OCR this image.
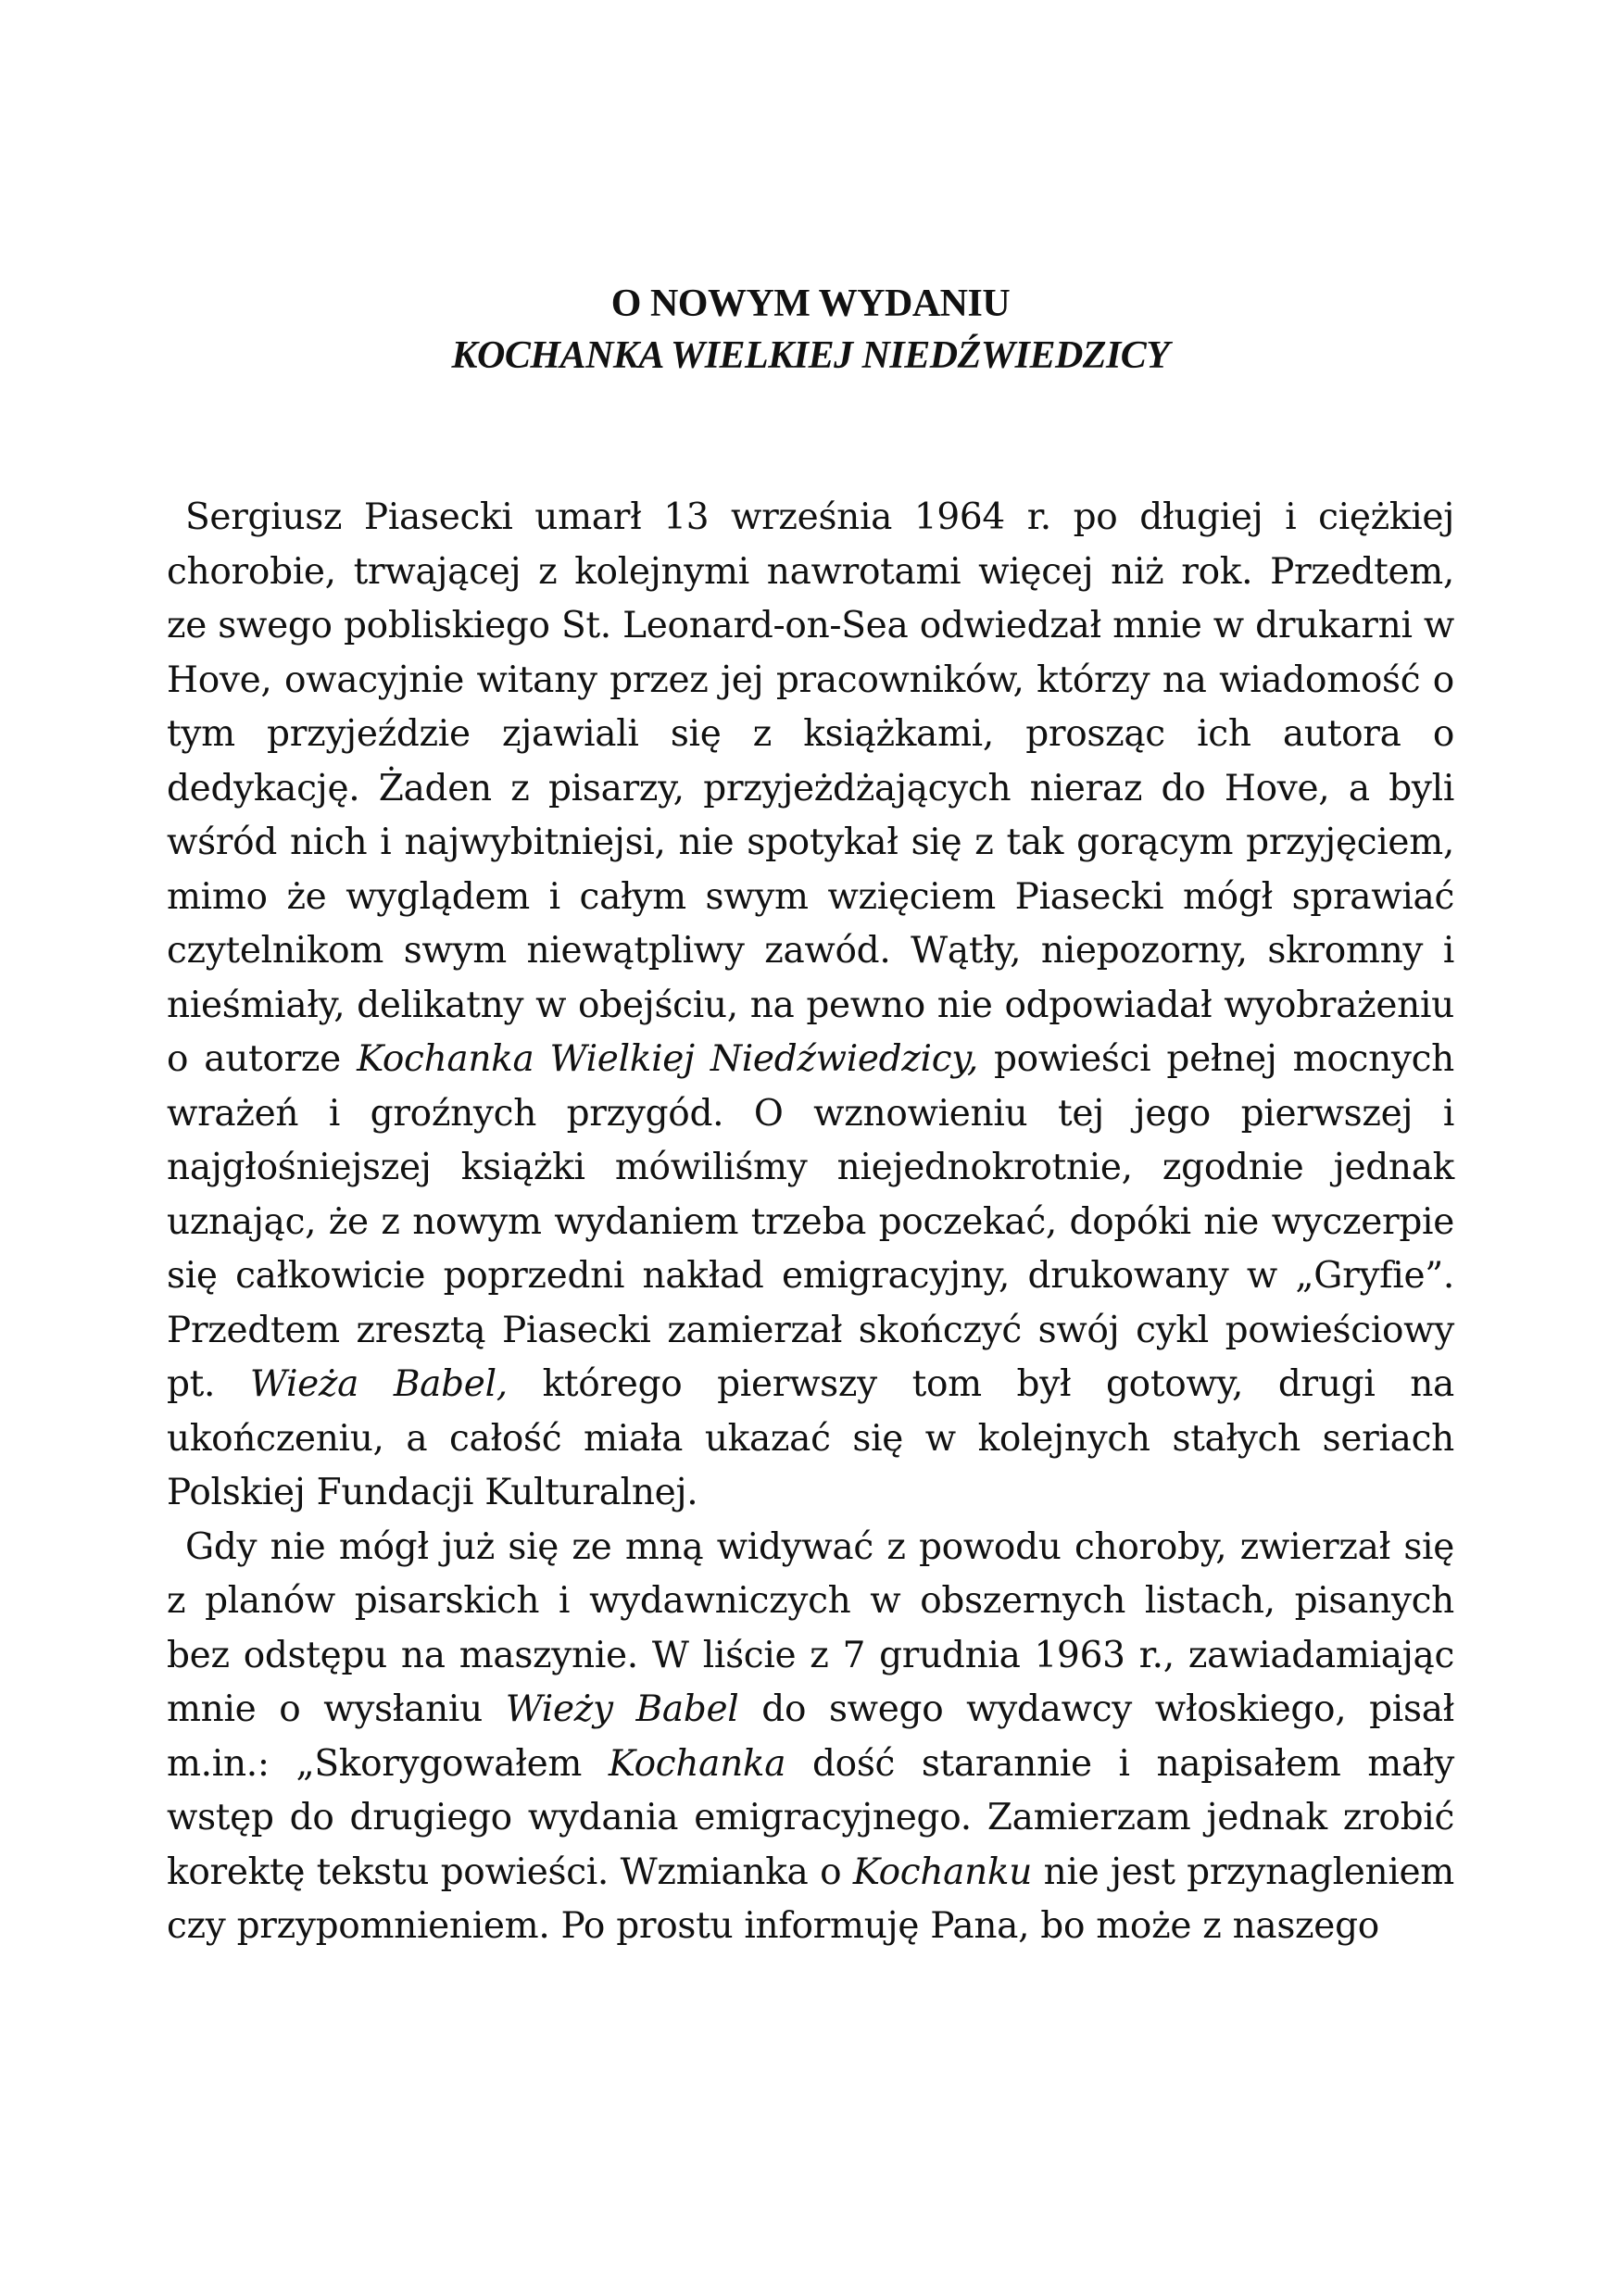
O NOWYM WYDANIU
KOCHANKA WIELKIEJ NIEDŹWIEDZICY

Sergiusz Piasecki umarł 13 września 1964 r. po długiej i ciężkiej chorobie, trwającej z kolejnymi nawrotami więcej niż rok. Przedtem, ze swego pobliskiego St. Leonard-on-Sea odwiedzał mnie w drukarni w Hove, owacyjnie witany przez jej pracowników, którzy na wiadomość o tym przyjeździe zjawiali się z książkami, prosząc ich autora o dedykację. Żaden z pisarzy, przyjeżdżających nieraz do Hove, a byli wśród nich i najwybitniejsi, nie spotykał się z tak gorącym przyjęciem, mimo że wyglądem i całym swym wzięciem Piasecki mógł sprawiać czytelnikom swym niewątpliwy zawód. Wątły, niepozorny, skromny i nieśmiały, delikatny w obejściu, na pewno nie odpowiadał wyobrażeniu o autorze Kochanka Wielkiej Niedźwiedzicy, powieści pełnej mocnych wrażeń i groźnych przygód. O wznowieniu tej jego pierwszej i najgłośniejszej książki mówiliśmy niejednokrotnie, zgodnie jednak uznając, że z nowym wydaniem trzeba poczekać, dopóki nie wyczerpie się całkowicie poprzedni nakład emigracyjny, drukowany w „Gryfie”. Przedtem zresztą Piasecki zamierzał skończyć swój cykl powieściowy pt. Wieża Babel, którego pierwszy tom był gotowy, drugi na ukończeniu, a całość miała ukazać się w kolejnych stałych seriach Polskiej Fundacji Kulturalnej.

Gdy nie mógł już się ze mną widywać z powodu choroby, zwierzał się z planów pisarskich i wydawniczych w obszernych listach, pisanych bez odstępu na maszynie. W liście z 7 grudnia 1963 r., zawiadamiając mnie o wysłaniu Wieży Babel do swego wydawcy włoskiego, pisał m.in.: „Skorygowałem Kochanka dość starannie i napisałem mały wstęp do drugiego wydania emigracyjnego. Zamierzam jednak zrobić korektę tekstu powieści. Wzmianka o Kochanku nie jest przynagleniem czy przypomnieniem. Po prostu informuję Pana, bo może z naszego
